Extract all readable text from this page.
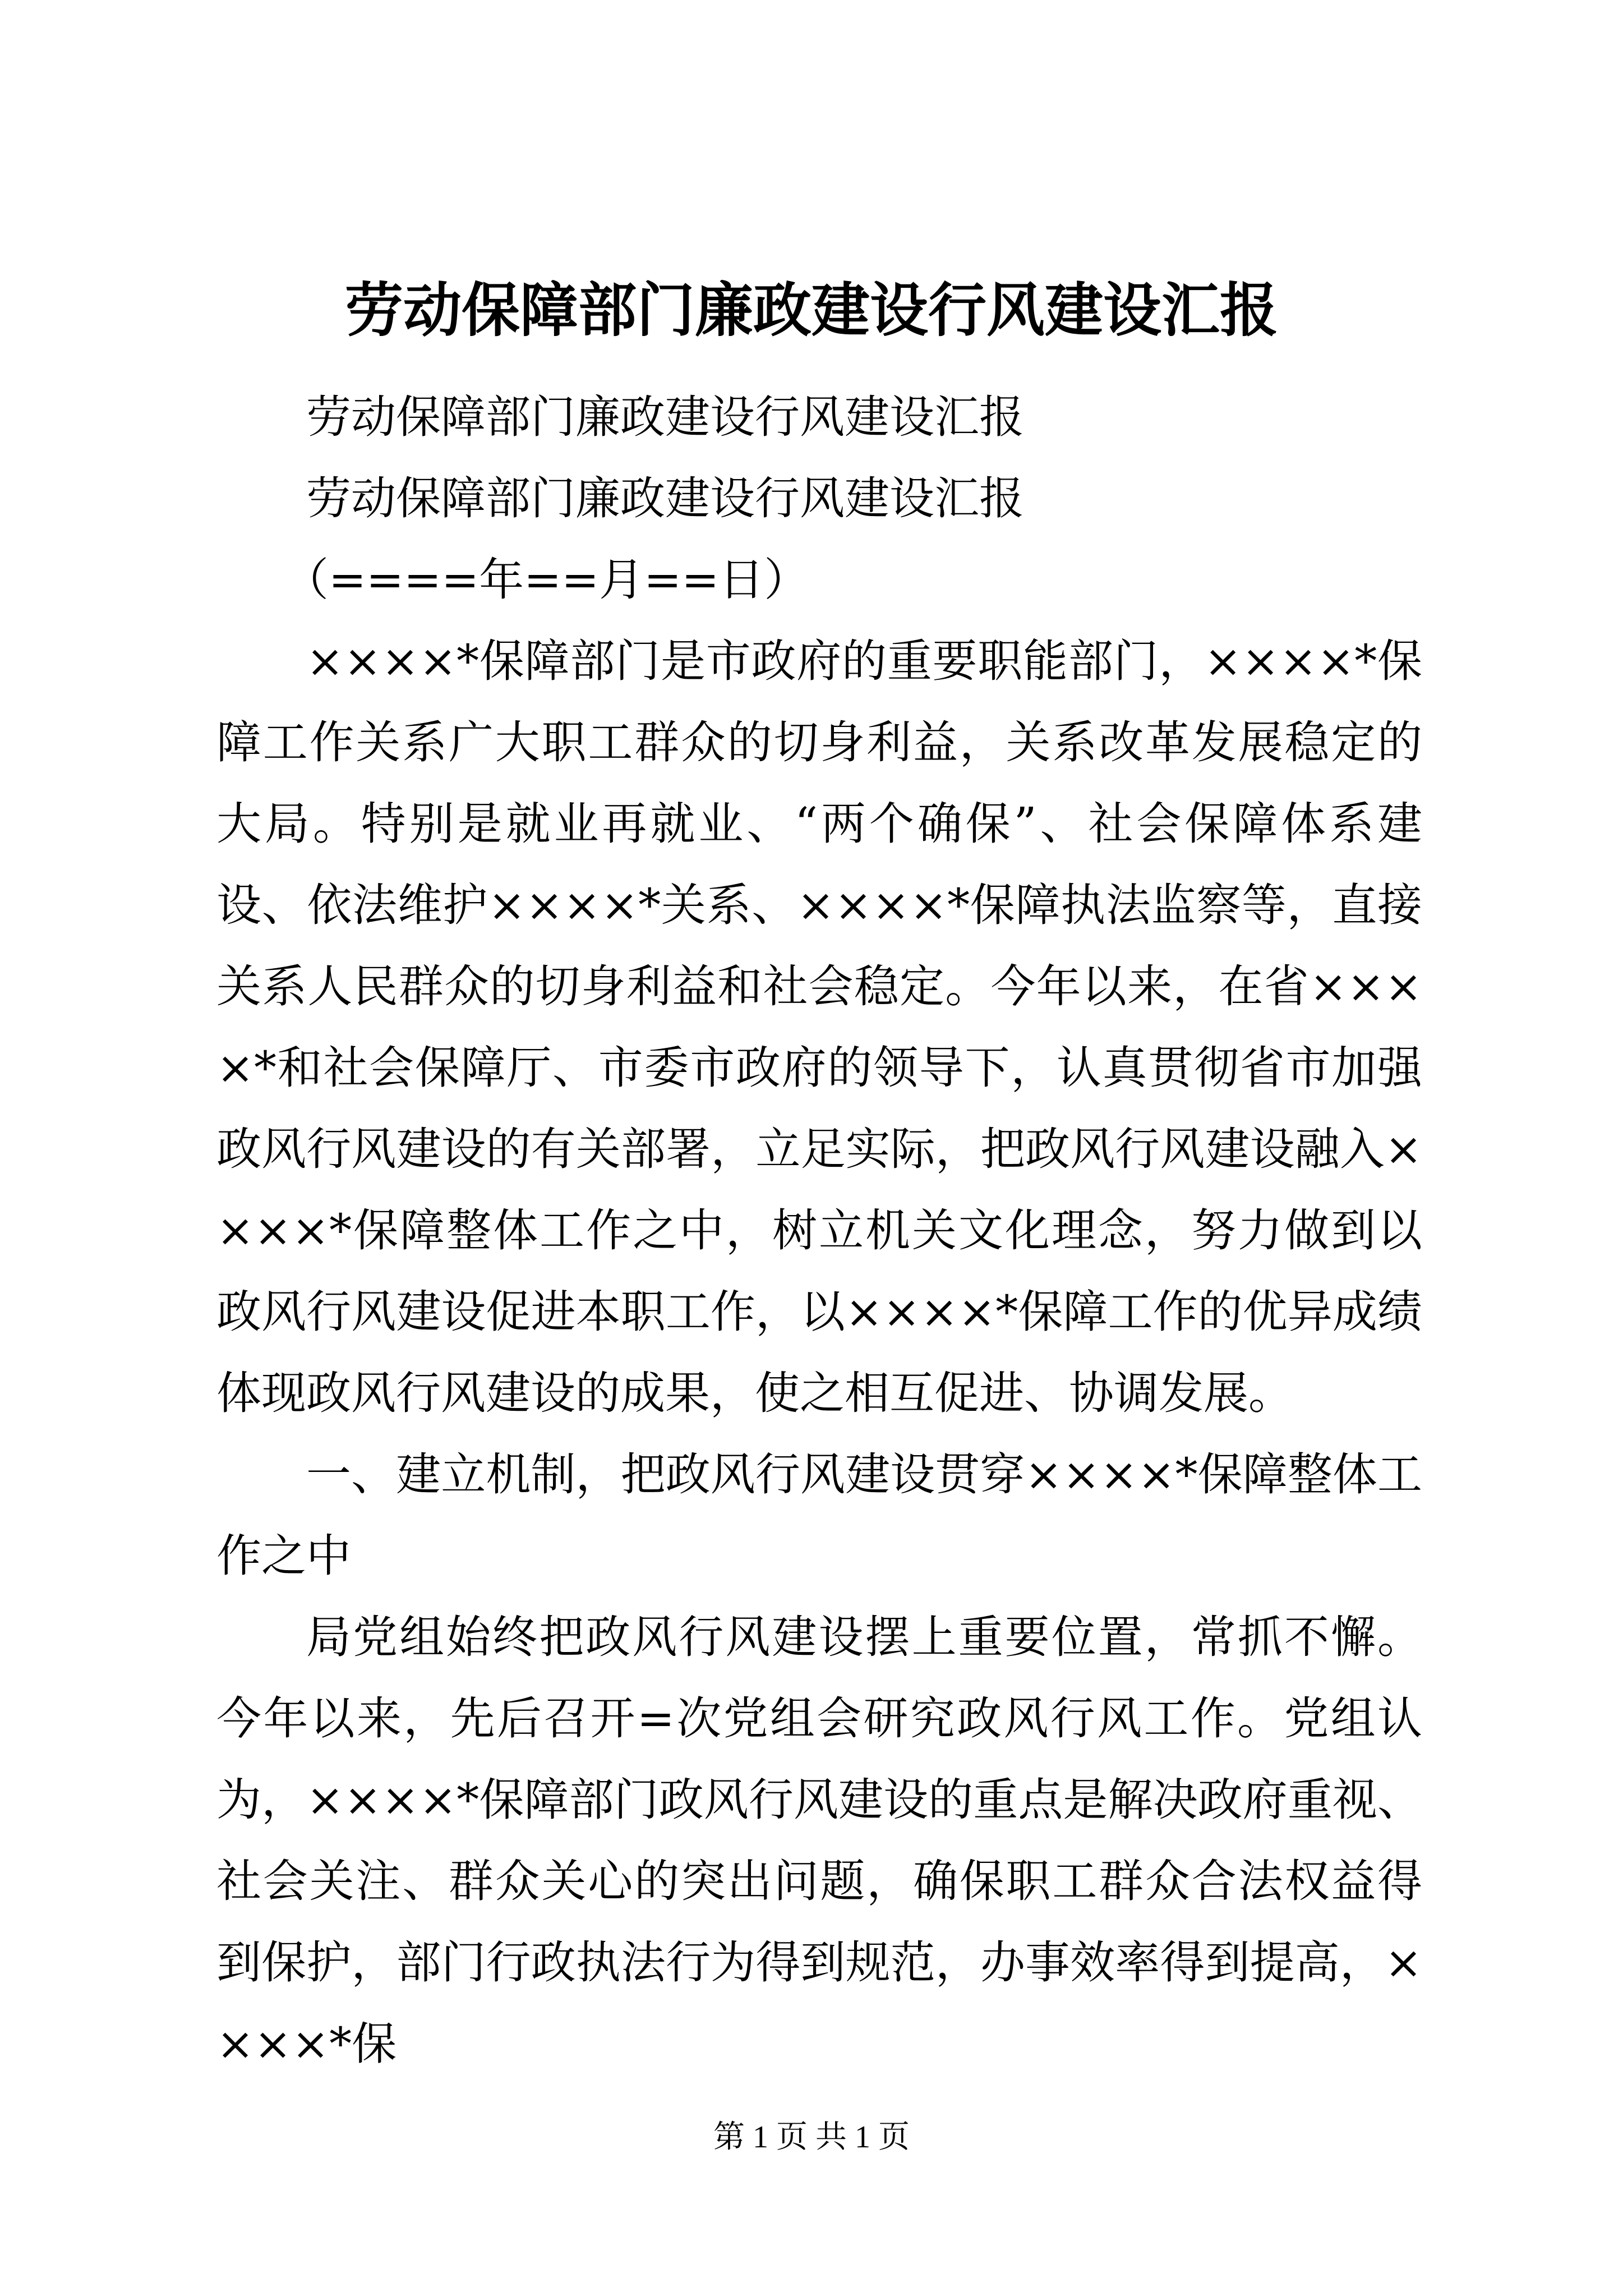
劳动保障部门廉政建设行风建设汇报

劳动保障部门廉政建设行风建设汇报

劳动保障部门廉政建设行风建设汇报

（====年==月==日）

××××*保障部门是市政府的重要职能部门，××××*保障工作关系广大职工群众的切身利益，关系改革发展稳定的大局。特别是就业再就业、“两个确保”、社会保障体系建设、依法维护××××*关系、××××*保障执法监察等，直接关系人民群众的切身利益和社会稳定。今年以来，在省××××*和社会保障厅、市委市政府的领导下，认真贯彻省市加强政风行风建设的有关部署，立足实际，把政风行风建设融入××××*保障整体工作之中，树立机关文化理念，努力做到以政风行风建设促进本职工作，以××××*保障工作的优异成绩体现政风行风建设的成果，使之相互促进、协调发展。

一、建立机制，把政风行风建设贯穿××××*保障整体工作之中

局党组始终把政风行风建设摆上重要位置，常抓不懈。今年以来，先后召开=次党组会研究政风行风工作。党组认为，××××*保障部门政风行风建设的重点是解决政府重视、社会关注、群众关心的突出问题，确保职工群众合法权益得到保护，部门行政执法行为得到规范，办事效率得到提高，××××*保

第 1 页 共 1 页
